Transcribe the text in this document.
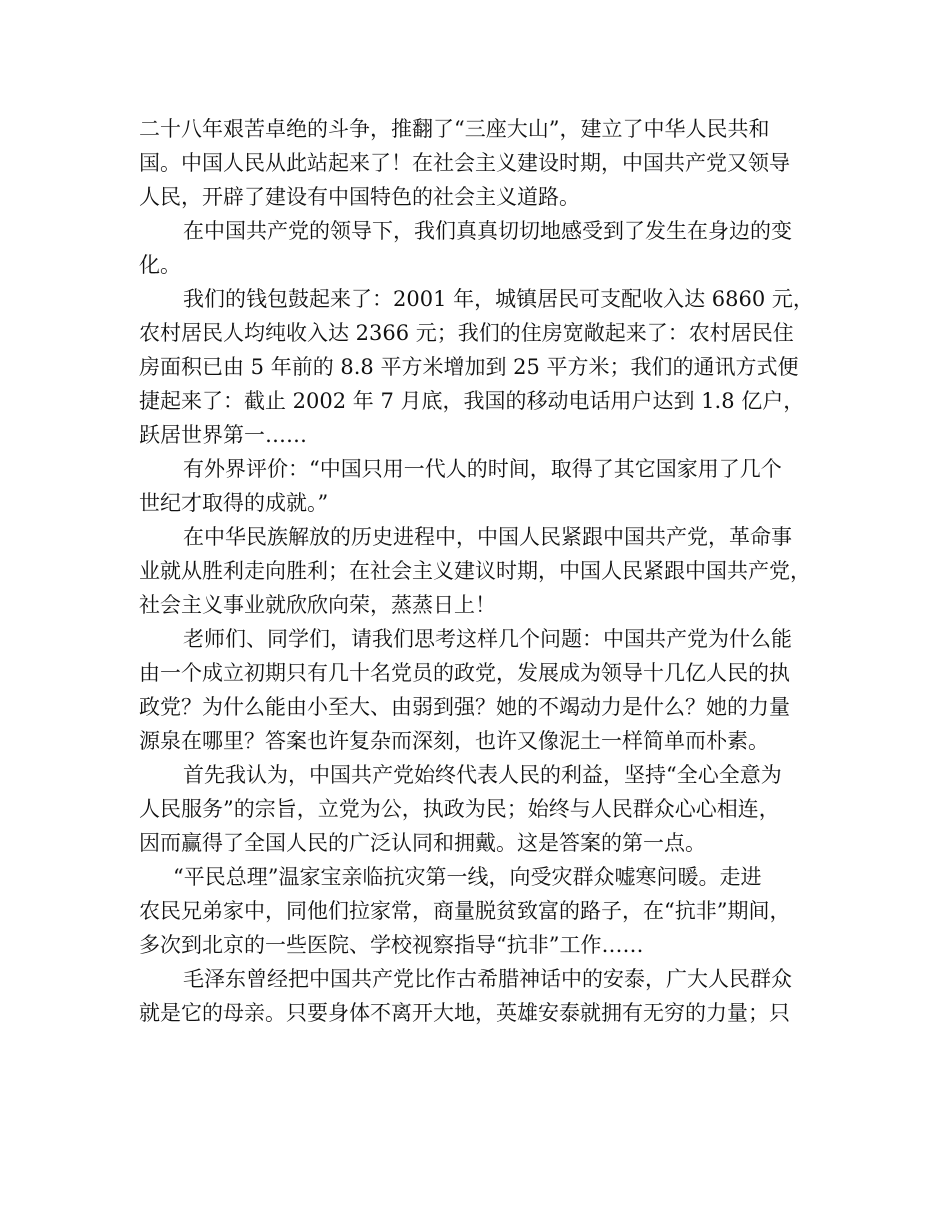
二十八年艰苦卓绝的斗争，推翻了“三座大山”，建立了中华人民共和

国。中国人民从此站起来了！在社会主义建设时期，中国共产党又领导

人民，开辟了建设有中国特色的社会主义道路。

在中国共产党的领导下，我们真真切切地感受到了发生在身边的变

化。

我们的钱包鼓起来了：2001 年，城镇居民可支配收入达 6860 元，

农村居民人均纯收入达 2366 元；我们的住房宽敞起来了：农村居民住

房面积已由 5 年前的 8.8 平方米增加到 25 平方米；我们的通讯方式便

捷起来了：截止 2002 年 7 月底，我国的移动电话用户达到 1.8 亿户，

跃居世界第一……

有外界评价：“中国只用一代人的时间，取得了其它国家用了几个

世纪才取得的成就。”

在中华民族解放的历史进程中，中国人民紧跟中国共产党，革命事

业就从胜利走向胜利；在社会主义建议时期，中国人民紧跟中国共产党，

社会主义事业就欣欣向荣，蒸蒸日上！

老师们、同学们，请我们思考这样几个问题：中国共产党为什么能

由一个成立初期只有几十名党员的政党，发展成为领导十几亿人民的执

政党？为什么能由小至大、由弱到强？她的不竭动力是什么？她的力量

源泉在哪里？答案也许复杂而深刻，也许又像泥土一样简单而朴素。

首先我认为，中国共产党始终代表人民的利益，坚持“全心全意为

人民服务”的宗旨，立党为公，执政为民；始终与人民群众心心相连，

因而赢得了全国人民的广泛认同和拥戴。这是答案的第一点。

“平民总理”温家宝亲临抗灾第一线，向受灾群众嘘寒问暖。走进

农民兄弟家中，同他们拉家常，商量脱贫致富的路子，在“抗非”期间，

多次到北京的一些医院、学校视察指导“抗非”工作……

毛泽东曾经把中国共产党比作古希腊神话中的安泰，广大人民群众

就是它的母亲。只要身体不离开大地，英雄安泰就拥有无穷的力量；只
